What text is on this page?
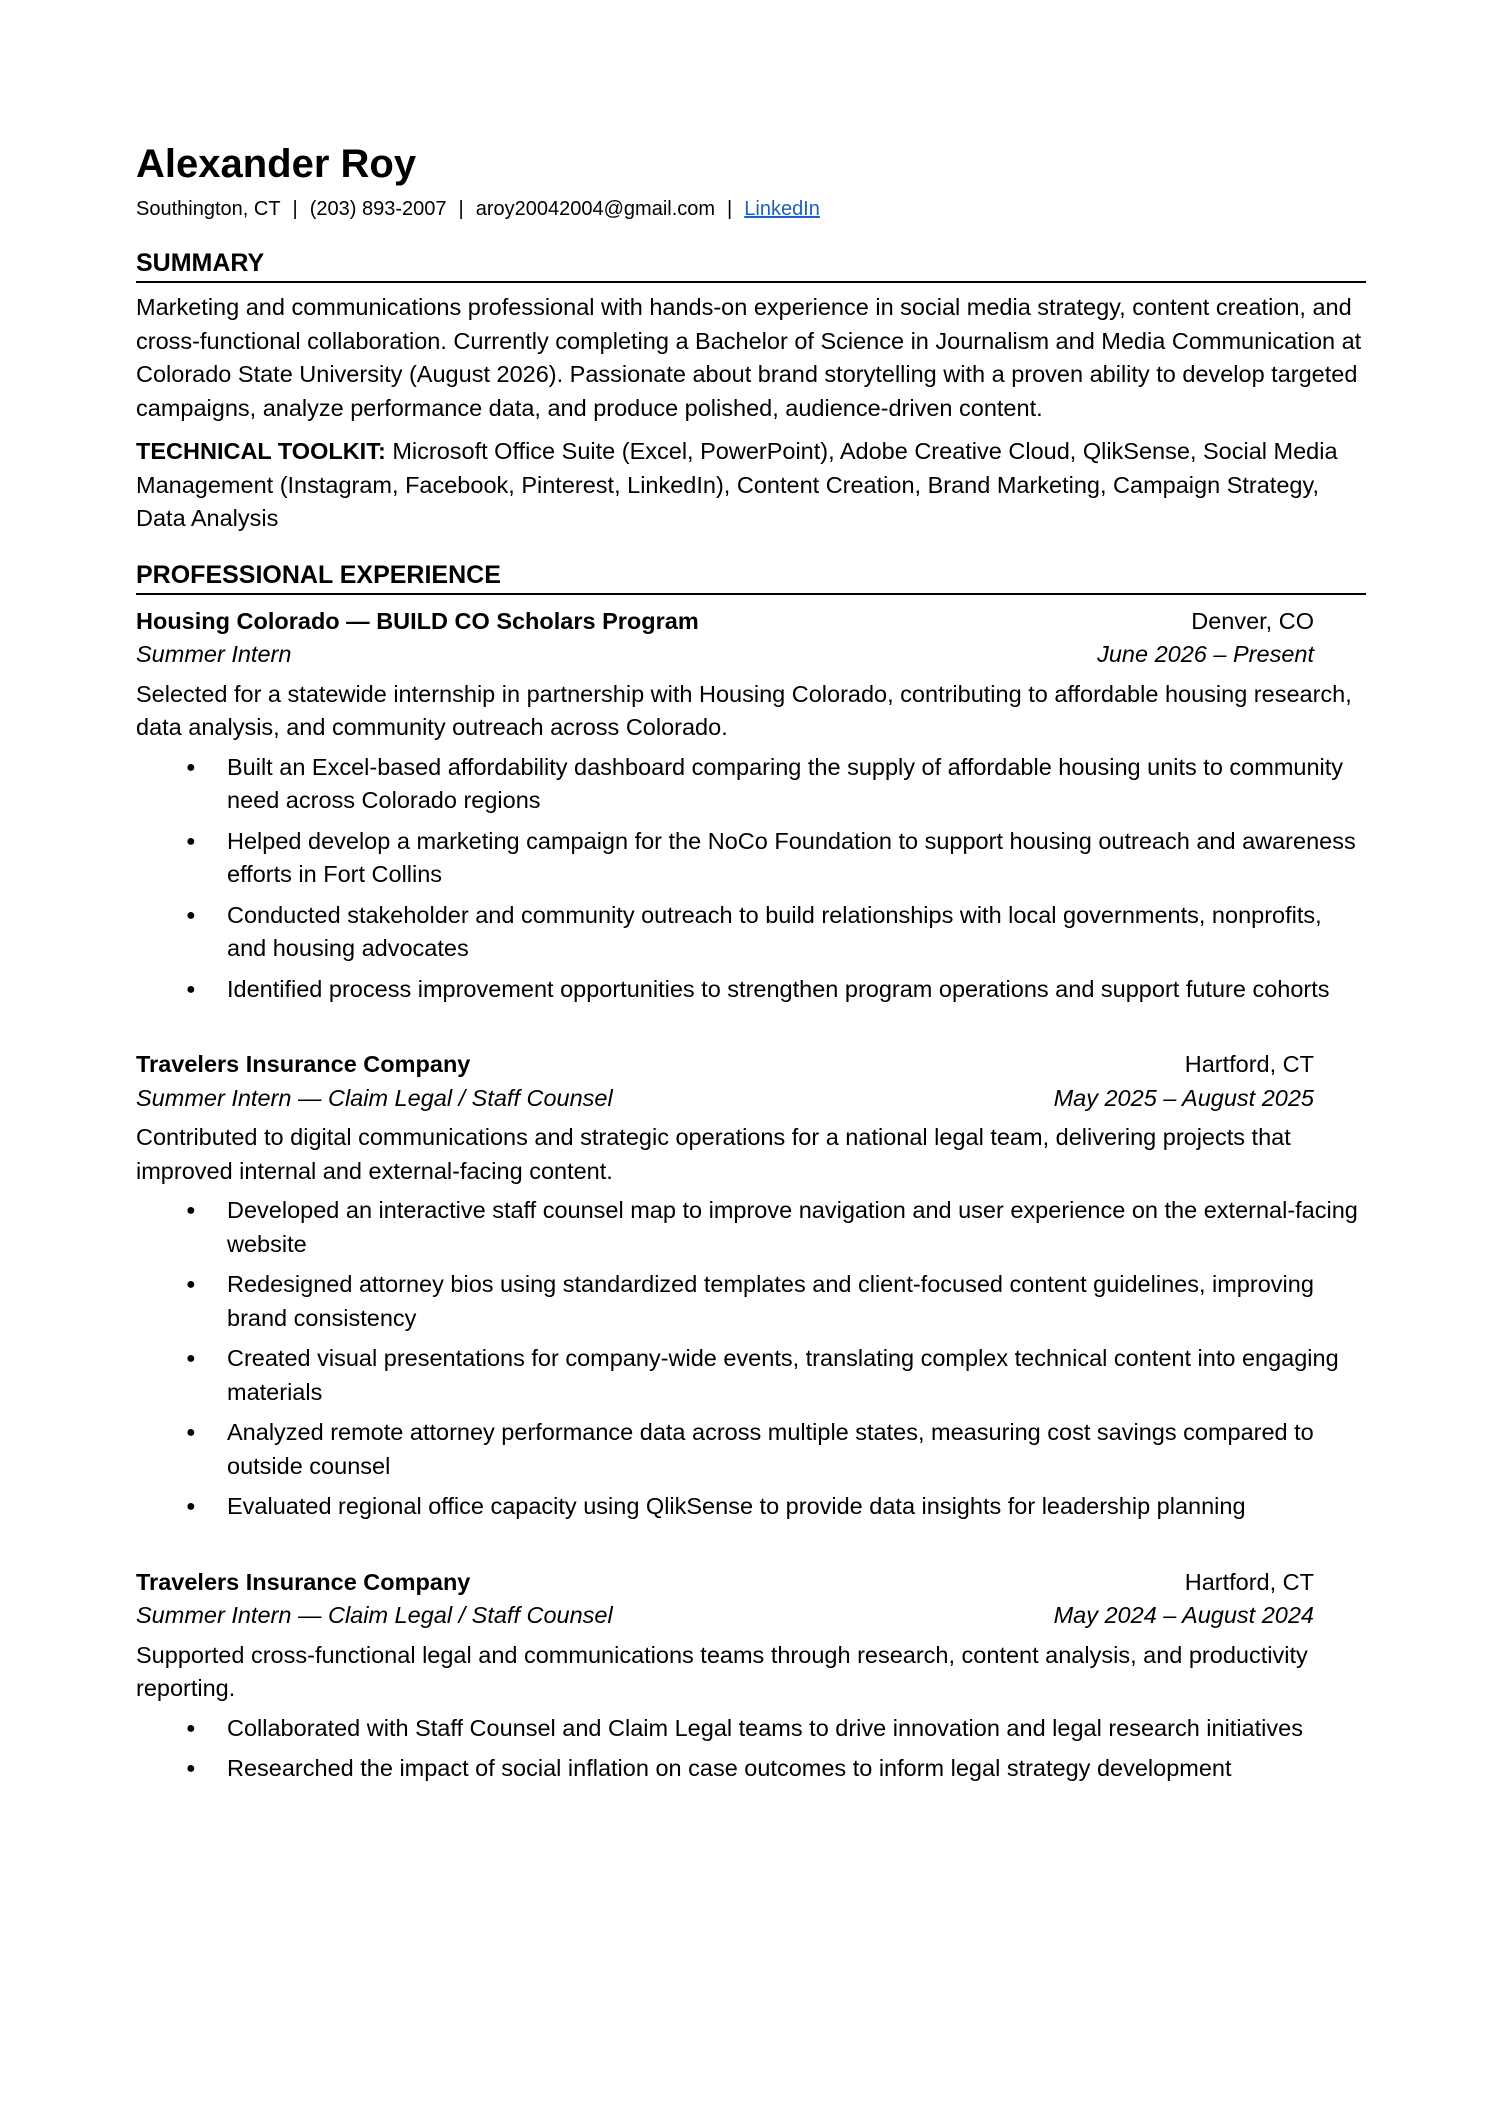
Alexander Roy
Southington, CT | (203) 893-2007 | aroy20042004@gmail.com | LinkedIn
SUMMARY

Marketing and communications professional with hands-on experience in social media strategy, content creation, and cross-functional collaboration. Currently completing a Bachelor of Science in Journalism and Media Communication at Colorado State University (August 2026). Passionate about brand storytelling with a proven ability to develop targeted campaigns, analyze performance data, and produce polished, audience-driven content.

TECHNICAL TOOLKIT: Microsoft Office Suite (Excel, PowerPoint), Adobe Creative Cloud, QlikSense, Social Media Management (Instagram, Facebook, Pinterest, LinkedIn), Content Creation, Brand Marketing, Campaign Strategy, Data Analysis

PROFESSIONAL EXPERIENCE
Housing Colorado — BUILD CO Scholars Program	Denver, CO
Summer Intern	June 2026 – Present
Selected for a statewide internship in partnership with Housing Colorado, contributing to affordable housing research, data analysis, and community outreach across Colorado.
● Built an Excel-based affordability dashboard comparing the supply of affordable housing units to community need across Colorado regions
● Helped develop a marketing campaign for the NoCo Foundation to support housing outreach and awareness efforts in Fort Collins
● Conducted stakeholder and community outreach to build relationships with local governments, nonprofits, and housing advocates
● Identified process improvement opportunities to strengthen program operations and support future cohorts
Travelers Insurance Company	Hartford, CT
Summer Intern — Claim Legal / Staff Counsel	May 2025 – August 2025
Contributed to digital communications and strategic operations for a national legal team, delivering projects that improved internal and external-facing content.
● Developed an interactive staff counsel map to improve navigation and user experience on the external-facing website
● Redesigned attorney bios using standardized templates and client-focused content guidelines, improving brand consistency
● Created visual presentations for company-wide events, translating complex technical content into engaging materials
● Analyzed remote attorney performance data across multiple states, measuring cost savings compared to outside counsel
● Evaluated regional office capacity using QlikSense to provide data insights for leadership planning
Travelers Insurance Company	Hartford, CT
Summer Intern — Claim Legal / Staff Counsel	May 2024 – August 2024
Supported cross-functional legal and communications teams through research, content analysis, and productivity reporting.
● Collaborated with Staff Counsel and Claim Legal teams to drive innovation and legal research initiatives
● Researched the impact of social inflation on case outcomes to inform legal strategy development
